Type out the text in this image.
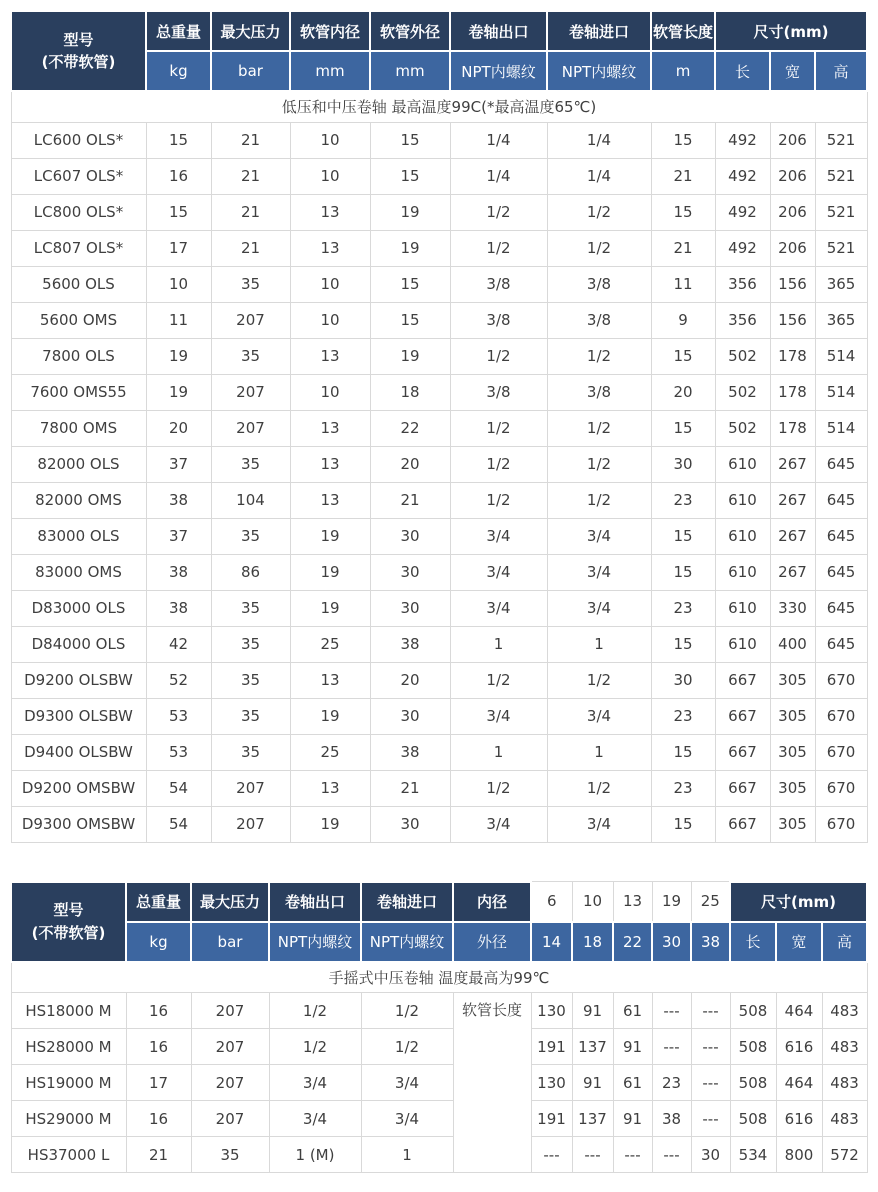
型号
(不带软管)	总重量	最大压力	软管内径	软管外径	卷轴出口	卷轴进口	软管长度	尺寸(mm)		
	kg	bar	mm	mm	NPT内螺纹	NPT内螺纹	m	长	宽	高
低压和中压卷轴 最高温度99C(*最高温度65℃)										
LC600 OLS*	15	21	10	15	1/4	1/4	15	492	206	521
LC607 OLS*	16	21	10	15	1/4	1/4	21	492	206	521
LC800 OLS*	15	21	13	19	1/2	1/2	15	492	206	521
LC807 OLS*	17	21	13	19	1/2	1/2	21	492	206	521
5600 OLS	10	35	10	15	3/8	3/8	11	356	156	365
5600 OMS	11	207	10	15	3/8	3/8	9	356	156	365
7800 OLS	19	35	13	19	1/2	1/2	15	502	178	514
7600 OMS55	19	207	10	18	3/8	3/8	20	502	178	514
7800 OMS	20	207	13	22	1/2	1/2	15	502	178	514
82000 OLS	37	35	13	20	1/2	1/2	30	610	267	645
82000 OMS	38	104	13	21	1/2	1/2	23	610	267	645
83000 OLS	37	35	19	30	3/4	3/4	15	610	267	645
83000 OMS	38	86	19	30	3/4	3/4	15	610	267	645
D83000 OLS	38	35	19	30	3/4	3/4	23	610	330	645
D84000 OLS	42	35	25	38	1	1	15	610	400	645
D9200 OLSBW	52	35	13	20	1/2	1/2	30	667	305	670
D9300 OLSBW	53	35	19	30	3/4	3/4	23	667	305	670
D9400 OLSBW	53	35	25	38	1	1	15	667	305	670
D9200 OMSBW	54	207	13	21	1/2	1/2	23	667	305	670
D9300 OMSBW	54	207	19	30	3/4	3/4	15	667	305	670
型号
(不带软管)	总重量	最大压力	卷轴出口	卷轴进口	内径	6	10	13	19	25	尺寸(mm)		
	kg	bar	NPT内螺纹	NPT内螺纹	外径	14	18	22	30	38	长	宽	高
手摇式中压卷轴 温度最高为99℃													
HS18000 M	16	207	1/2	1/2	软管长度	130	91	61	---	---	508	464	483
HS28000 M	16	207	1/2	1/2		191	137	91	---	---	508	616	483
HS19000 M	17	207	3/4	3/4		130	91	61	23	---	508	464	483
HS29000 M	16	207	3/4	3/4		191	137	91	38	---	508	616	483
HS37000 L	21	35	1 (M)	1		---	---	---	---	30	534	800	572
